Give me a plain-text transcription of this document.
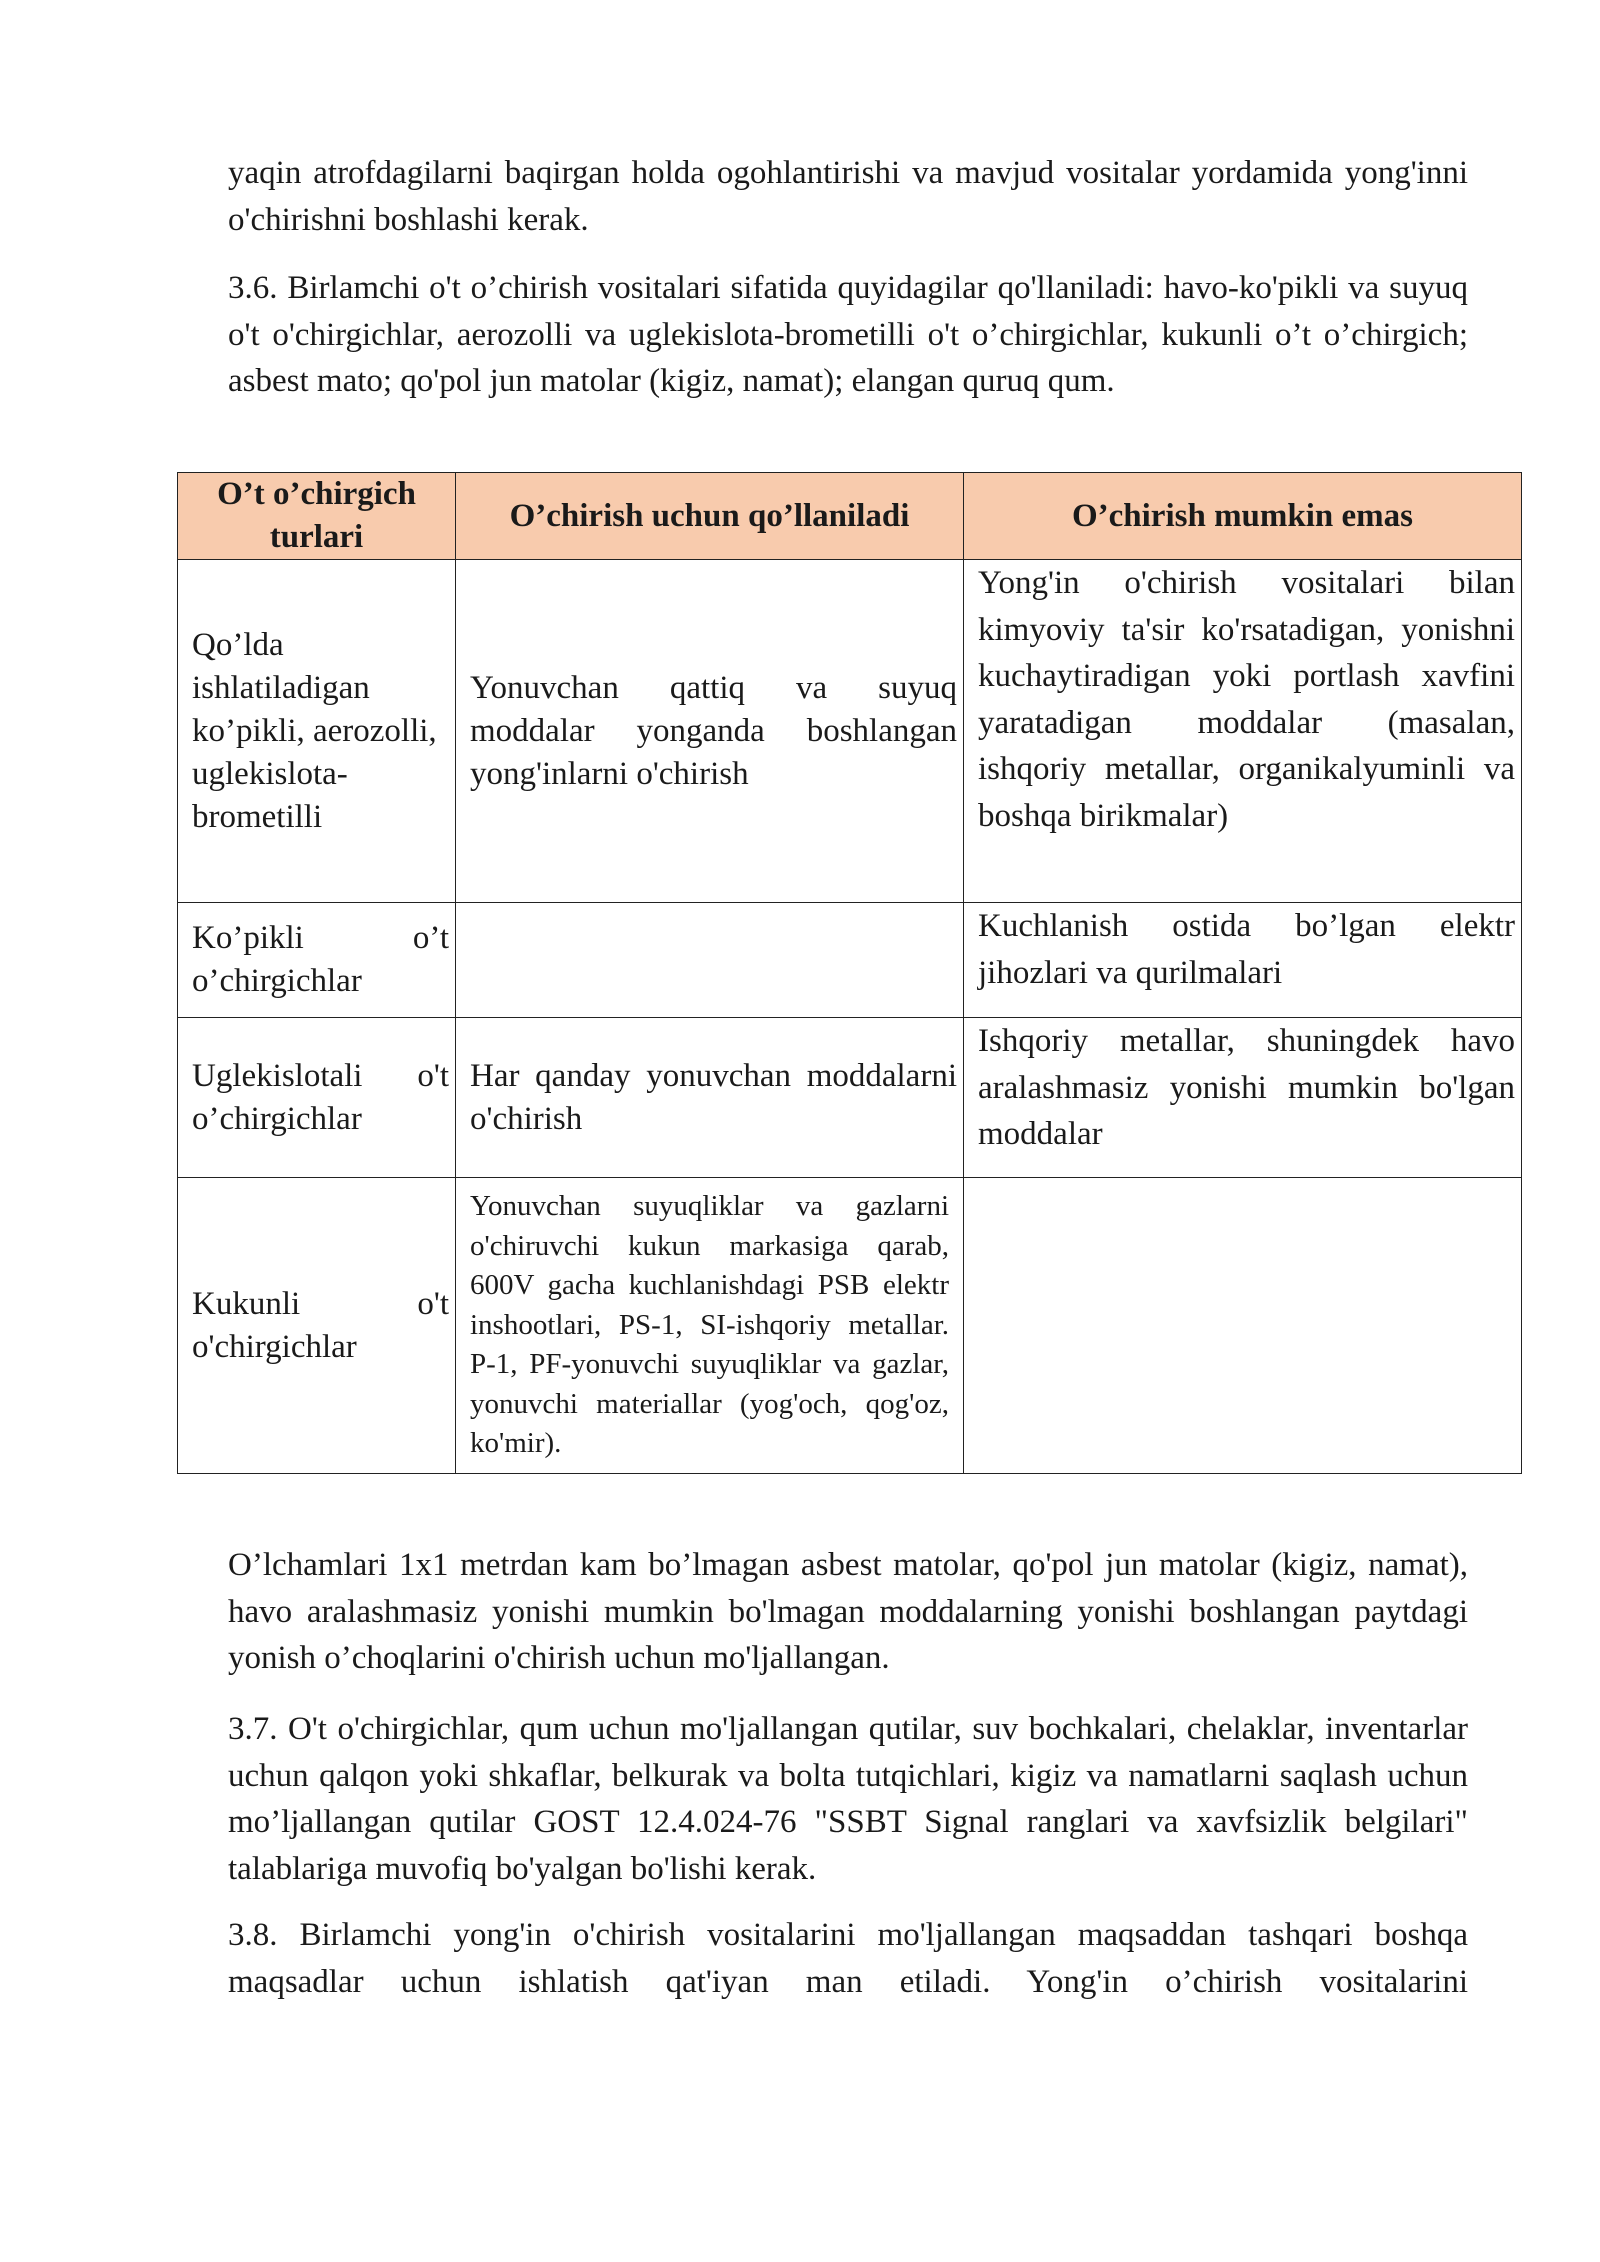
yaqin atrofdagilarni baqirgan holda ogohlantirishi va mavjud vositalar yordamida yong'inni o'chirishni boshlashi kerak.

3.6. Birlamchi o't o’chirish vositalari sifatida quyidagilar qo'llaniladi: havo-ko'pikli va suyuq o't o'chirgichlar, aerozolli va uglekislota-brometilli o't o’chirgichlar, kukunli o’t o’chirgich; asbest mato; qo'pol jun matolar (kigiz, namat); elangan quruq qum.

O’t o’chirgich turlari	O’chirish uchun qo’llaniladi	O’chirish mumkin emas
Qo’lda ishlatiladigan ko’pikli, aerozolli, uglekislota-brometilli	Yonuvchan qattiq va suyuq moddalar yonganda boshlangan yong'inlarni o'chirish	Yong'in o'chirish vositalari bilan kimyoviy ta'sir ko'rsatadigan, yonishni kuchaytiradigan yoki portlash xavfini yaratadigan moddalar (masalan, ishqoriy metallar, organikalyuminli va boshqa birikmalar)
Ko’pikli o’t o’chirgichlar		Kuchlanish ostida bo’lgan elektr jihozlari va qurilmalari
Uglekislotali o't o’chirgichlar	Har qanday yonuvchan moddalarni o'chirish	Ishqoriy metallar, shuningdek havo aralashmasiz yonishi mumkin bo'lgan moddalar
Kukunli o't o'chirgichlar	Yonuvchan suyuqliklar va gazlarni o'chiruvchi kukun markasiga qarab, 600V gacha kuchlanishdagi PSB elektr inshootlari, PS-1, SI-ishqoriy metallar. P-1, PF-yonuvchi suyuqliklar va gazlar, yonuvchi materiallar (yog'och, qog'oz, ko'mir).	

O’lchamlari 1x1 metrdan kam bo’lmagan asbest matolar, qo'pol jun matolar (kigiz, namat), havo aralashmasiz yonishi mumkin bo'lmagan moddalarning yonishi boshlangan paytdagi yonish o’choqlarini o'chirish uchun mo'ljallangan.

3.7. O't o'chirgichlar, qum uchun mo'ljallangan qutilar, suv bochkalari, chelaklar, inventarlar uchun qalqon yoki shkaflar, belkurak va bolta tutqichlari, kigiz va namatlarni saqlash uchun mo’ljallangan qutilar GOST 12.4.024-76 "SSBT Signal ranglari va xavfsizlik belgilari" talablariga muvofiq bo'yalgan bo'lishi kerak.

3.8. Birlamchi yong'in o'chirish vositalarini mo'ljallangan maqsaddan tashqari boshqa maqsadlar uchun ishlatish qat'iyan man etiladi. Yong'in o’chirish vositalarini
